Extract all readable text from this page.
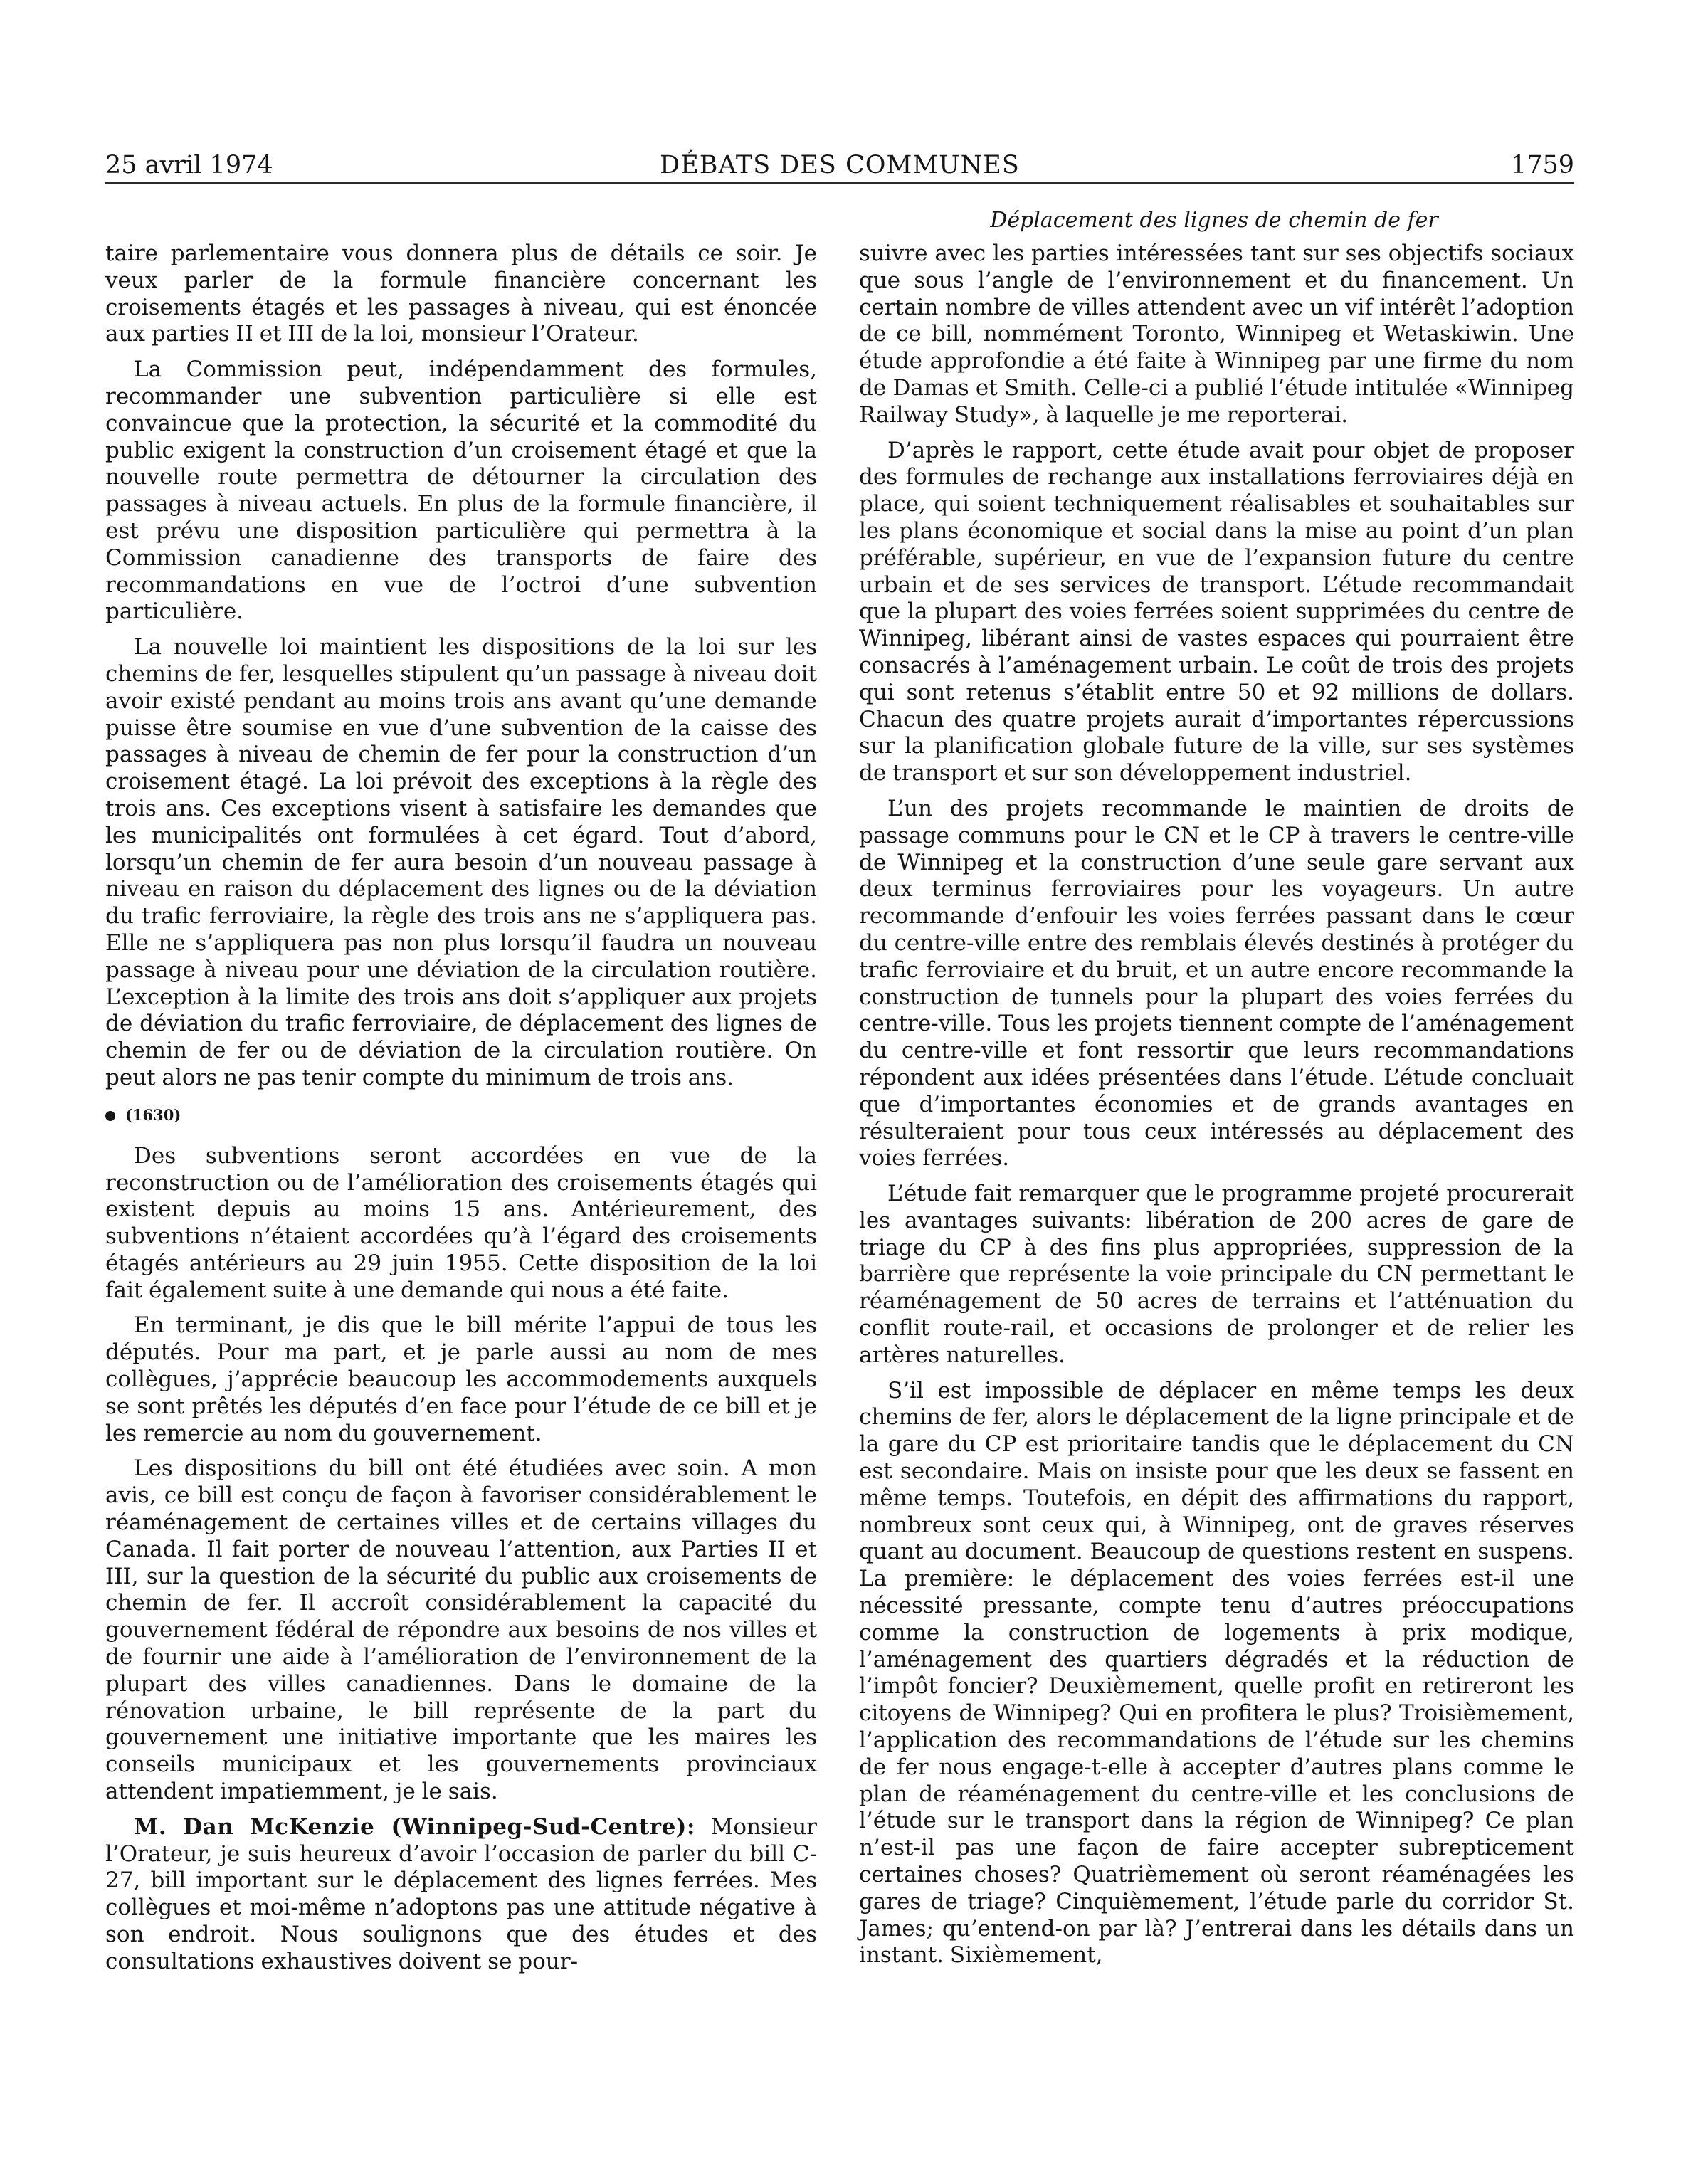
25 avril 1974	DÉBATS DES COMMUNES	1759
Déplacement des lignes de chemin de fer

taire parlementaire vous donnera plus de détails ce soir. Je veux parler de la formule financière concernant les croisements étagés et les passages à niveau, qui est énoncée aux parties II et III de la loi, monsieur l’Orateur.

La Commission peut, indépendamment des formules, recommander une subvention particulière si elle est convaincue que la protection, la sécurité et la commodité du public exigent la construction d’un croisement étagé et que la nouvelle route permettra de détourner la circulation des passages à niveau actuels. En plus de la formule financière, il est prévu une disposition particulière qui permettra à la Commission canadienne des transports de faire des recommandations en vue de l’octroi d’une subvention particulière.

La nouvelle loi maintient les dispositions de la loi sur les chemins de fer, lesquelles stipulent qu’un passage à niveau doit avoir existé pendant au moins trois ans avant qu’une demande puisse être soumise en vue d’une subvention de la caisse des passages à niveau de chemin de fer pour la construction d’un croisement étagé. La loi prévoit des exceptions à la règle des trois ans. Ces exceptions visent à satisfaire les demandes que les municipalités ont formulées à cet égard. Tout d’abord, lorsqu’un chemin de fer aura besoin d’un nouveau passage à niveau en raison du déplacement des lignes ou de la déviation du trafic ferroviaire, la règle des trois ans ne s’appliquera pas. Elle ne s’appliquera pas non plus lorsqu’il faudra un nouveau passage à niveau pour une déviation de la circulation routière. L’exception à la limite des trois ans doit s’appliquer aux projets de déviation du trafic ferroviaire, de déplacement des lignes de chemin de fer ou de déviation de la circulation routière. On peut alors ne pas tenir compte du minimum de trois ans.

(1630)

Des subventions seront accordées en vue de la reconstruction ou de l’amélioration des croisements étagés qui existent depuis au moins 15 ans. Antérieurement, des subventions n’étaient accordées qu’à l’égard des croisements étagés antérieurs au 29 juin 1955. Cette disposition de la loi fait également suite à une demande qui nous a été faite.

En terminant, je dis que le bill mérite l’appui de tous les députés. Pour ma part, et je parle aussi au nom de mes collègues, j’apprécie beaucoup les accommodements auxquels se sont prêtés les députés d’en face pour l’étude de ce bill et je les remercie au nom du gouvernement.

Les dispositions du bill ont été étudiées avec soin. A mon avis, ce bill est conçu de façon à favoriser considérablement le réaménagement de certaines villes et de certains villages du Canada. Il fait porter de nouveau l’attention, aux Parties II et III, sur la question de la sécurité du public aux croisements de chemin de fer. Il accroît considérablement la capacité du gouvernement fédéral de répondre aux besoins de nos villes et de fournir une aide à l’amélioration de l’environnement de la plupart des villes canadiennes. Dans le domaine de la rénovation urbaine, le bill représente de la part du gouvernement une initiative importante que les maires les conseils municipaux et les gouvernements provinciaux attendent impatiemment, je le sais.

M. Dan McKenzie (Winnipeg-Sud-Centre): Monsieur l’Orateur, je suis heureux d’avoir l’occasion de parler du bill C-27, bill important sur le déplacement des lignes ferrées. Mes collègues et moi-même n’adoptons pas une attitude négative à son endroit. Nous soulignons que des études et des consultations exhaustives doivent se pour-

suivre avec les parties intéressées tant sur ses objectifs sociaux que sous l’angle de l’environnement et du financement. Un certain nombre de villes attendent avec un vif intérêt l’adoption de ce bill, nommément Toronto, Winnipeg et Wetaskiwin. Une étude approfondie a été faite à Winnipeg par une firme du nom de Damas et Smith. Celle-ci a publié l’étude intitulée «Winnipeg Railway Study», à laquelle je me reporterai.

D’après le rapport, cette étude avait pour objet de proposer des formules de rechange aux installations ferroviaires déjà en place, qui soient techniquement réalisables et souhaitables sur les plans économique et social dans la mise au point d’un plan préférable, supérieur, en vue de l’expansion future du centre urbain et de ses services de transport. L’étude recommandait que la plupart des voies ferrées soient supprimées du centre de Winnipeg, libérant ainsi de vastes espaces qui pourraient être consacrés à l’aménagement urbain. Le coût de trois des projets qui sont retenus s’établit entre 50 et 92 millions de dollars. Chacun des quatre projets aurait d’importantes répercussions sur la planification globale future de la ville, sur ses systèmes de transport et sur son développement industriel.

L’un des projets recommande le maintien de droits de passage communs pour le CN et le CP à travers le centre-ville de Winnipeg et la construction d’une seule gare servant aux deux terminus ferroviaires pour les voyageurs. Un autre recommande d’enfouir les voies ferrées passant dans le cœur du centre-ville entre des remblais élevés destinés à protéger du trafic ferroviaire et du bruit, et un autre encore recommande la construction de tunnels pour la plupart des voies ferrées du centre-ville. Tous les projets tiennent compte de l’aménagement du centre-ville et font ressortir que leurs recommandations répondent aux idées présentées dans l’étude. L’étude concluait que d’importantes économies et de grands avantages en résulteraient pour tous ceux intéressés au déplacement des voies ferrées.

L’étude fait remarquer que le programme projeté procurerait les avantages suivants: libération de 200 acres de gare de triage du CP à des fins plus appropriées, suppression de la barrière que représente la voie principale du CN permettant le réaménagement de 50 acres de terrains et l’atténuation du conflit route-rail, et occasions de prolonger et de relier les artères naturelles.

S’il est impossible de déplacer en même temps les deux chemins de fer, alors le déplacement de la ligne principale et de la gare du CP est prioritaire tandis que le déplacement du CN est secondaire. Mais on insiste pour que les deux se fassent en même temps. Toutefois, en dépit des affirmations du rapport, nombreux sont ceux qui, à Winnipeg, ont de graves réserves quant au document. Beaucoup de questions restent en suspens. La première: le déplacement des voies ferrées est-il une nécessité pressante, compte tenu d’autres préoccupations comme la construction de logements à prix modique, l’aménagement des quartiers dégradés et la réduction de l’impôt foncier? Deuxièmement, quelle profit en retireront les citoyens de Winnipeg? Qui en profitera le plus? Troisièmement, l’application des recommandations de l’étude sur les chemins de fer nous engage-t-elle à accepter d’autres plans comme le plan de réaménagement du centre-ville et les conclusions de l’étude sur le transport dans la région de Winnipeg? Ce plan n’est-il pas une façon de faire accepter subrepticement certaines choses? Quatrièmement où seront réaménagées les gares de triage? Cinquièmement, l’étude parle du corridor St. James; qu’entend-on par là? J’entrerai dans les détails dans un instant. Sixièmement,
